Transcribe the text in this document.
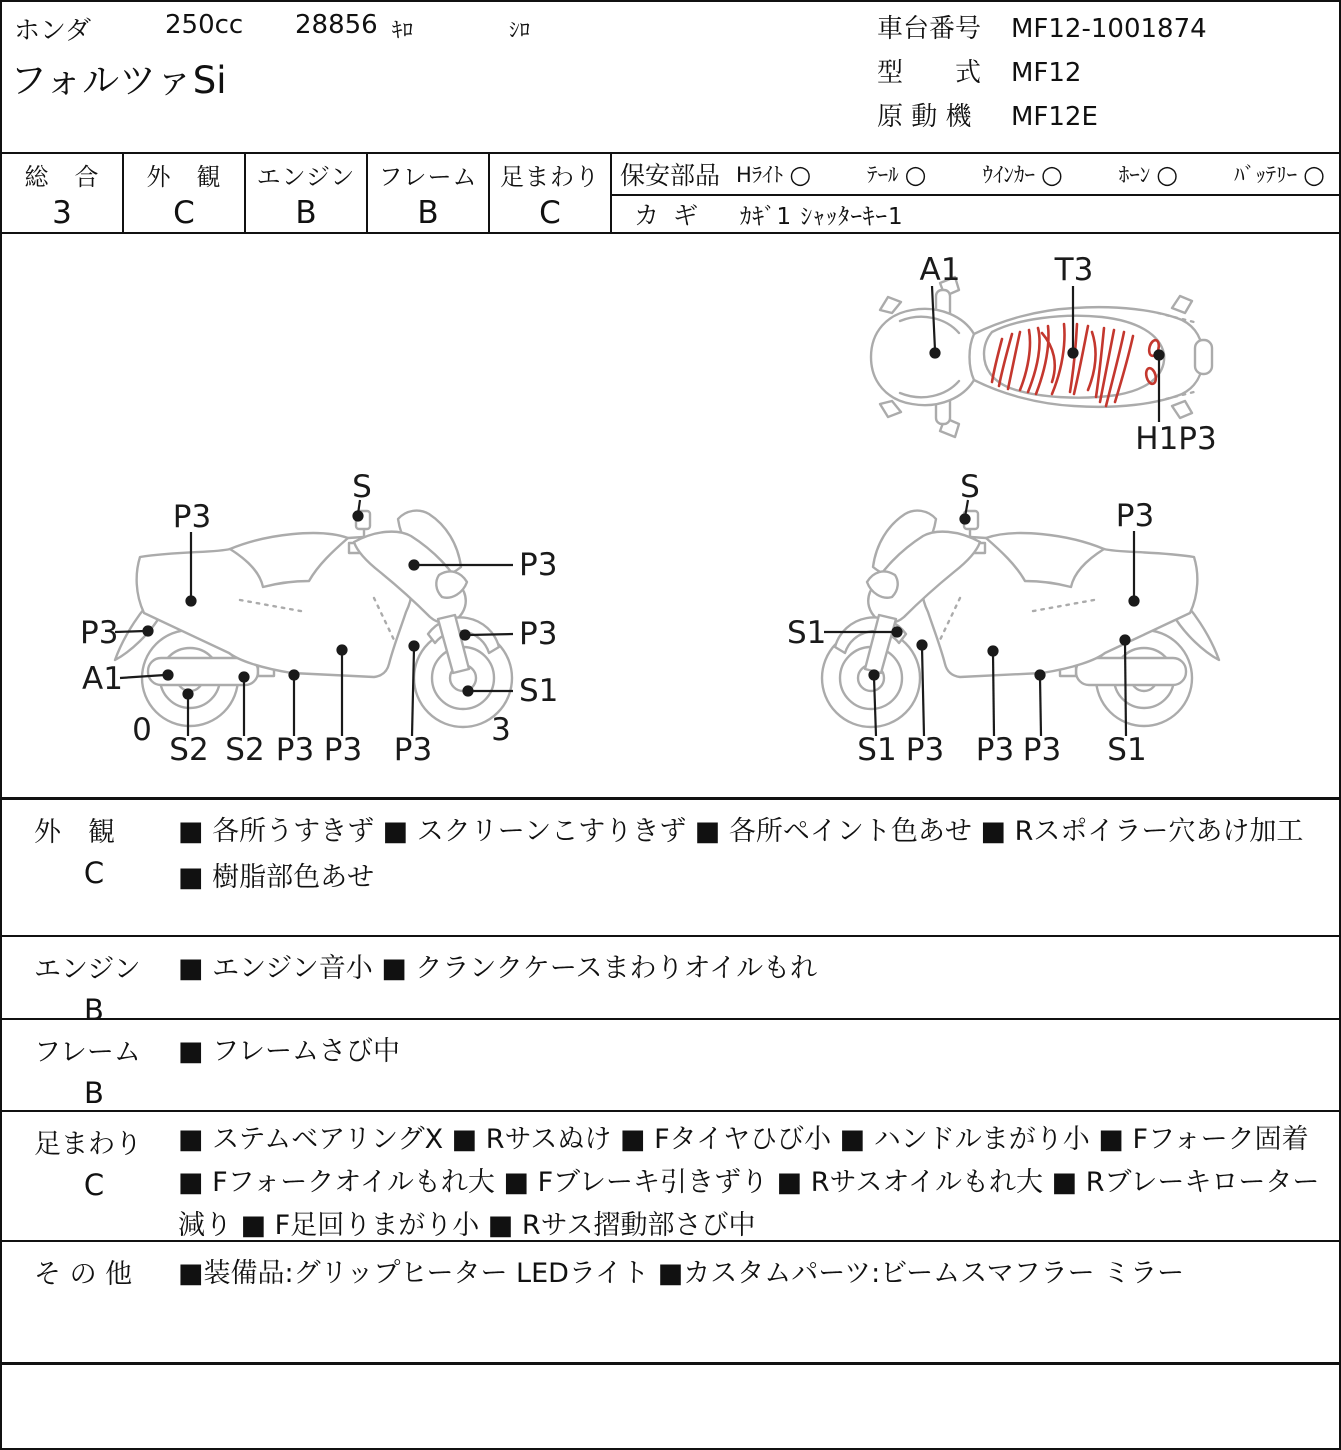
ホンダ	250cc 28856 ｷﾛ	ｼﾛ
フォルツァSi
車台番号 MF12-1001874
型　　式 MF12
原 動 機 MF12E
総　合
3
外　観
C
エンジン
B
フレーム
B
足まわり
C
保安部品 Hﾗｲﾄ ○	ﾃｰﾙ ○	ｳｲﾝｶｰ ○	ﾎｰﾝ ○	ﾊﾞｯﾃﾘｰ ○
カギ ｶｷﾞ1 ｼｬｯﾀｰｷｰ1
A1	T3
H1P3
S
P3
P3
P3
A1
P3
S1
0	3
S2 S2 P3 P3 P3
S
P3
S1
S1 P3 P3 P3 S1
外　観
C
■ 各所うすきず ■ スクリーンこすりきず ■ 各所ペイント色あせ ■ Rスポイラー穴あけ加工 ■ 樹脂部色あせ
エンジン
B
■ エンジン音小 ■ クランクケースまわりオイルもれ
フレーム
B
■ フレームさび中
足まわり
C
■ ステムベアリングX ■ Rサスぬけ ■ Fタイヤひび小 ■ ハンドルまがり小 ■ Fフォーク固着 ■ Fフォークオイルもれ大 ■ Fブレーキ引きずり ■ Rサスオイルもれ大 ■ Rブレーキローター減り ■ F足回りまがり小 ■ Rサス摺動部さび中
そ の 他	■装備品:グリップヒーター LEDライト ■カスタムパーツ:ビームスマフラー ミラー
